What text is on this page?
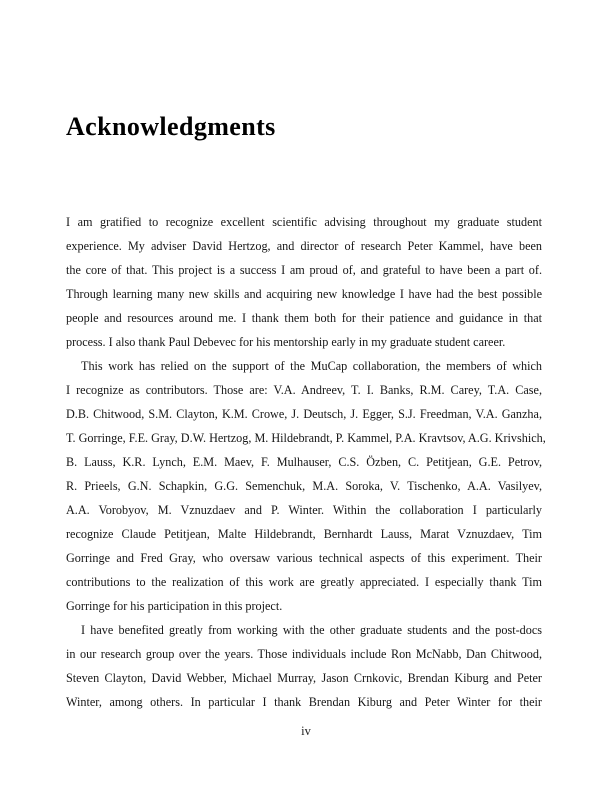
Acknowledgments
I am gratified to recognize excellent scientific advising throughout my graduate student
experience. My adviser David Hertzog, and director of research Peter Kammel, have been
the core of that. This project is a success I am proud of, and grateful to have been a part of.
Through learning many new skills and acquiring new knowledge I have had the best possible
people and resources around me. I thank them both for their patience and guidance in that
process. I also thank Paul Debevec for his mentorship early in my graduate student career.
This work has relied on the support of the MuCap collaboration, the members of which
I recognize as contributors. Those are: V.A. Andreev, T. I. Banks, R.M. Carey, T.A. Case,
D.B. Chitwood, S.M. Clayton, K.M. Crowe, J. Deutsch, J. Egger, S.J. Freedman, V.A. Ganzha,
T. Gorringe, F.E. Gray, D.W. Hertzog, M. Hildebrandt, P. Kammel, P.A. Kravtsov, A.G. Krivshich,
B. Lauss, K.R. Lynch, E.M. Maev, F. Mulhauser, C.S. Özben, C. Petitjean, G.E. Petrov,
R. Prieels, G.N. Schapkin, G.G. Semenchuk, M.A. Soroka, V. Tischenko, A.A. Vasilyev,
A.A. Vorobyov, M. Vznuzdaev and P. Winter. Within the collaboration I particularly
recognize Claude Petitjean, Malte Hildebrandt, Bernhardt Lauss, Marat Vznuzdaev, Tim
Gorringe and Fred Gray, who oversaw various technical aspects of this experiment. Their
contributions to the realization of this work are greatly appreciated. I especially thank Tim
Gorringe for his participation in this project.
I have benefited greatly from working with the other graduate students and the post-docs
in our research group over the years. Those individuals include Ron McNabb, Dan Chitwood,
Steven Clayton, David Webber, Michael Murray, Jason Crnkovic, Brendan Kiburg and Peter
Winter, among others. In particular I thank Brendan Kiburg and Peter Winter for their
iv
